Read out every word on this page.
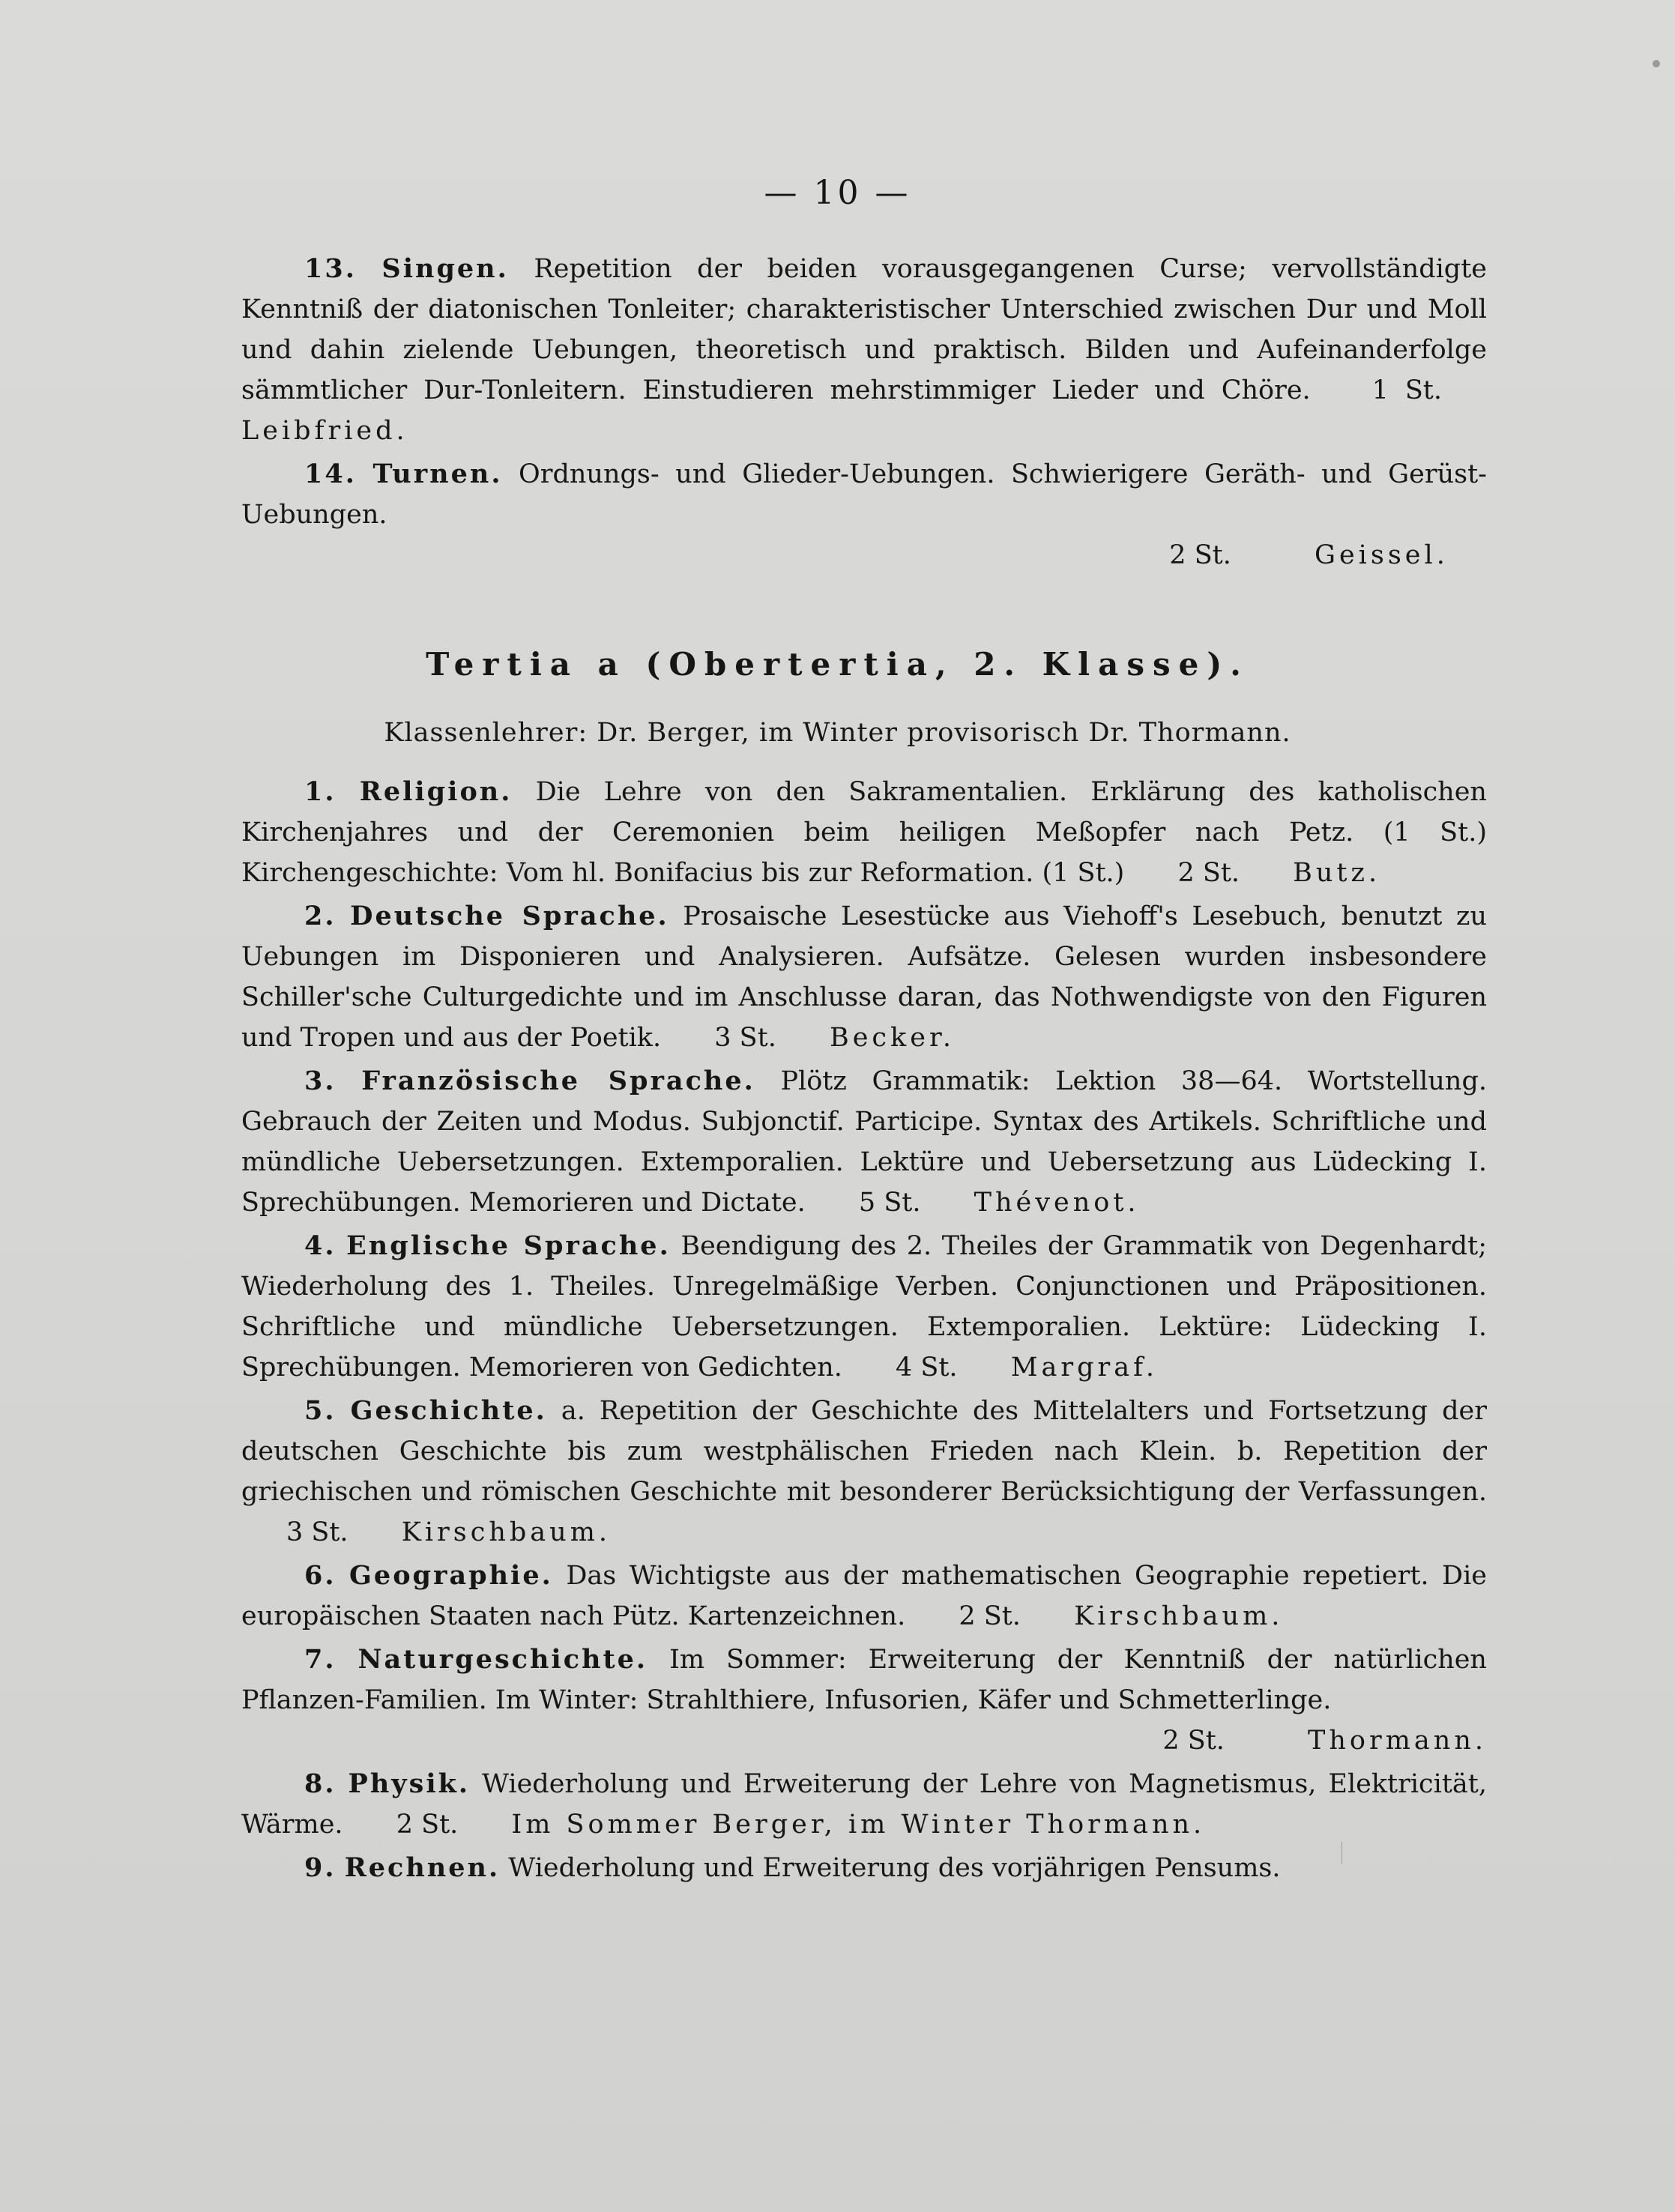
— 10 —

13. Singen. Repetition der beiden vorausgegangenen Curse; vervollständigte Kenntniß der diatonischen Tonleiter; charakteristischer Unterschied zwischen Dur und Moll und dahin zielende Uebungen, theoretisch und praktisch. Bilden und Aufeinanderfolge sämmtlicher Dur-Tonleitern. Einstudieren mehrstimmiger Lieder und Chöre. 1 St. Leibfried.

14. Turnen. Ordnungs- und Glieder-Uebungen. Schwierigere Geräth- und Gerüst-Uebungen.
2 St.	Geissel.

Tertia a (Obertertia, 2. Klasse).
Klassenlehrer: Dr. Berger, im Winter provisorisch Dr. Thormann.

1. Religion. Die Lehre von den Sakramentalien. Erklärung des katholischen Kirchenjahres und der Ceremonien beim heiligen Meßopfer nach Petz. (1 St.) Kirchengeschichte: Vom hl. Bonifacius bis zur Reformation. (1 St.) 2 St. Butz.

2. Deutsche Sprache. Prosaische Lesestücke aus Viehoff's Lesebuch, benutzt zu Uebungen im Disponieren und Analysieren. Aufsätze. Gelesen wurden insbesondere Schiller'sche Culturgedichte und im Anschlusse daran, das Nothwendigste von den Figuren und Tropen und aus der Poetik. 3 St. Becker.

3. Französische Sprache. Plötz Grammatik: Lektion 38—64. Wortstellung. Gebrauch der Zeiten und Modus. Subjonctif. Participe. Syntax des Artikels. Schriftliche und mündliche Uebersetzungen. Extemporalien. Lektüre und Uebersetzung aus Lüdecking I. Sprechübungen. Memorieren und Dictate. 5 St. Thévenot.

4. Englische Sprache. Beendigung des 2. Theiles der Grammatik von Degenhardt; Wiederholung des 1. Theiles. Unregelmäßige Verben. Conjunctionen und Präpositionen. Schriftliche und mündliche Uebersetzungen. Extemporalien. Lektüre: Lüdecking I. Sprechübungen. Memorieren von Gedichten. 4 St. Margraf.

5. Geschichte. a. Repetition der Geschichte des Mittelalters und Fortsetzung der deutschen Geschichte bis zum westphälischen Frieden nach Klein. b. Repetition der griechischen und römischen Geschichte mit besonderer Berücksichtigung der Verfassungen. 3 St. Kirschbaum.

6. Geographie. Das Wichtigste aus der mathematischen Geographie repetiert. Die europäischen Staaten nach Pütz. Kartenzeichnen. 2 St. Kirschbaum.

7. Naturgeschichte. Im Sommer: Erweiterung der Kenntniß der natürlichen Pflanzen-Familien. Im Winter: Strahlthiere, Infusorien, Käfer und Schmetterlinge.
2 St.	Thormann.

8. Physik. Wiederholung und Erweiterung der Lehre von Magnetismus, Elektricität, Wärme. 2 St. Im Sommer Berger, im Winter Thormann.

9. Rechnen. Wiederholung und Erweiterung des vorjährigen Pensums.
